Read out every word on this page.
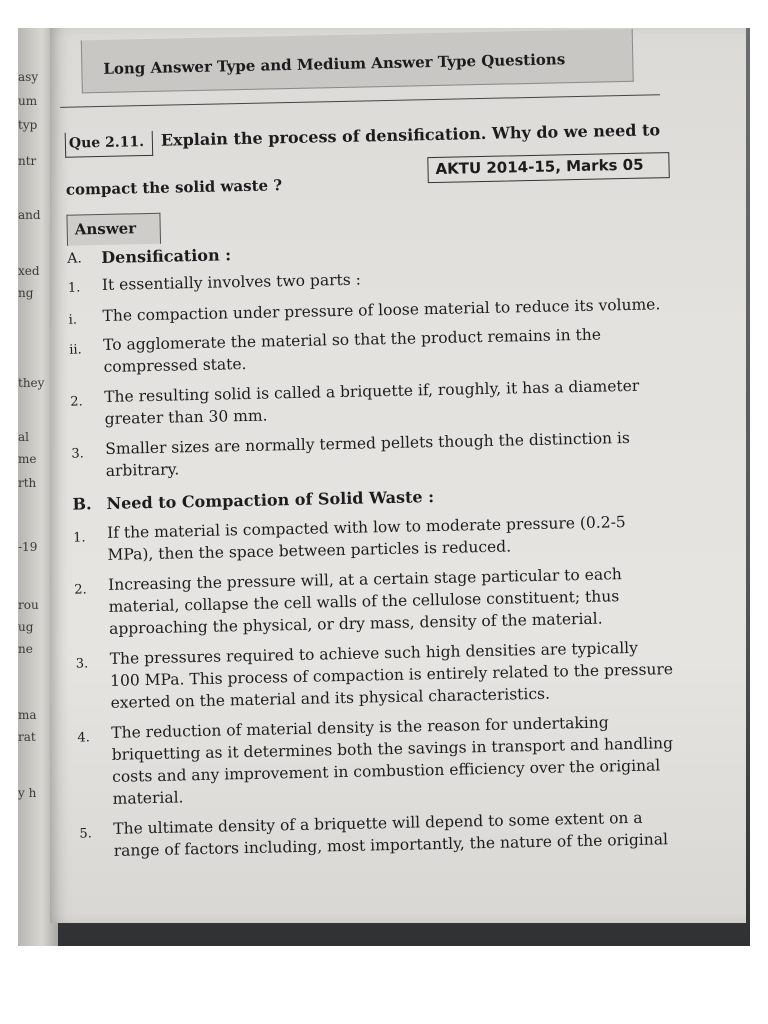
asy
um
typ
ntr
and
xed
ng
they
al
me
rth
-19
rou
ug
ne
ma
rat
y h
Long Answer Type and Medium Answer Type Questions
Que 2.11. Explain the process of densification. Why do we need to
compact the solid waste ?
AKTU 2014-15, Marks 05
Answer
A. Densification :
1. It essentially involves two parts :
i. The compaction under pressure of loose material to reduce its volume.
ii. To agglomerate the material so that the product remains in the
compressed state.
2. The resulting solid is called a briquette if, roughly, it has a diameter
greater than 30 mm.
3. Smaller sizes are normally termed pellets though the distinction is
arbitrary.
B. Need to Compaction of Solid Waste :
1. If the material is compacted with low to moderate pressure (0.2-5
MPa), then the space between particles is reduced.
2. Increasing the pressure will, at a certain stage particular to each
material, collapse the cell walls of the cellulose constituent; thus
approaching the physical, or dry mass, density of the material.
3. The pressures required to achieve such high densities are typically
100 MPa. This process of compaction is entirely related to the pressure
exerted on the material and its physical characteristics.
4. The reduction of material density is the reason for undertaking
briquetting as it determines both the savings in transport and handling
costs and any improvement in combustion efficiency over the original
material.
5. The ultimate density of a briquette will depend to some extent on a
range of factors including, most importantly, the nature of the original
